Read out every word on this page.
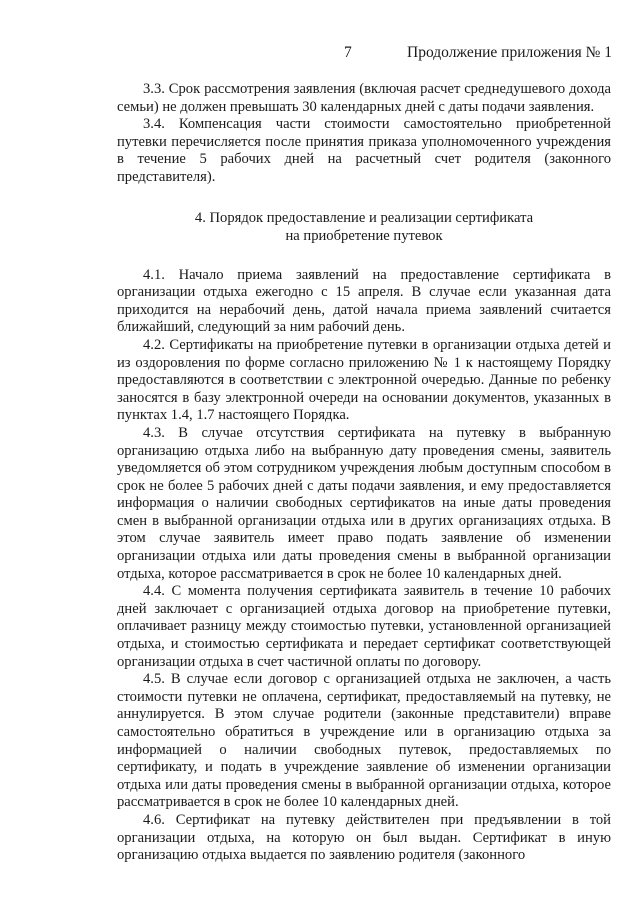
7	Продолжение приложения № 1

3.3. Срок рассмотрения заявления (включая расчет среднедушевого дохода семьи) не должен превышать 30 календарных дней с даты подачи заявления.

3.4. Компенсация части стоимости самостоятельно приобретенной путевки перечисляется после принятия приказа уполномоченного учреждения в течение 5 рабочих дней на расчетный счет родителя (законного представителя).

4. Порядок предоставление и реализации сертификата
на приобретение путевок

4.1. Начало приема заявлений на предоставление сертификата в организации отдыха ежегодно с 15 апреля. В случае если указанная дата приходится на нерабочий день, датой начала приема заявлений считается ближайший, следующий за ним рабочий день.

4.2. Сертификаты на приобретение путевки в организации отдыха детей и из оздоровления по форме согласно приложению № 1 к настоящему Порядку предоставляются в соответствии с электронной очередью. Данные по ребенку заносятся в базу электронной очереди на основании документов, указанных в пунктах 1.4, 1.7 настоящего Порядка.

4.3. В случае отсутствия сертификата на путевку в выбранную организацию отдыха либо на выбранную дату проведения смены, заявитель уведомляется об этом сотрудником учреждения любым доступным способом в срок не более 5 рабочих дней с даты подачи заявления, и ему предоставляется информация о наличии свободных сертификатов на иные даты проведения смен в выбранной организации отдыха или в других организациях отдыха. В этом случае заявитель имеет право подать заявление об изменении организации отдыха или даты проведения смены в выбранной организации отдыха, которое рассматривается в срок не более 10 календарных дней.

4.4. С момента получения сертификата заявитель в течение 10 рабочих дней заключает с организацией отдыха договор на приобретение путевки, оплачивает разницу между стоимостью путевки, установленной организацией отдыха, и стоимостью сертификата и передает сертификат соответствующей организации отдыха в счет частичной оплаты по договору.

4.5. В случае если договор с организацией отдыха не заключен, а часть стоимости путевки не оплачена, сертификат, предоставляемый на путевку, не аннулируется. В этом случае родители (законные представители) вправе самостоятельно обратиться в учреждение или в организацию отдыха за информацией о наличии свободных путевок, предоставляемых по сертификату, и подать в учреждение заявление об изменении организации отдыха или даты проведения смены в выбранной организации отдыха, которое рассматривается в срок не более 10 календарных дней.

4.6. Сертификат на путевку действителен при предъявлении в той организации отдыха, на которую он был выдан. Сертификат в иную организацию отдыха выдается по заявлению родителя (законного
